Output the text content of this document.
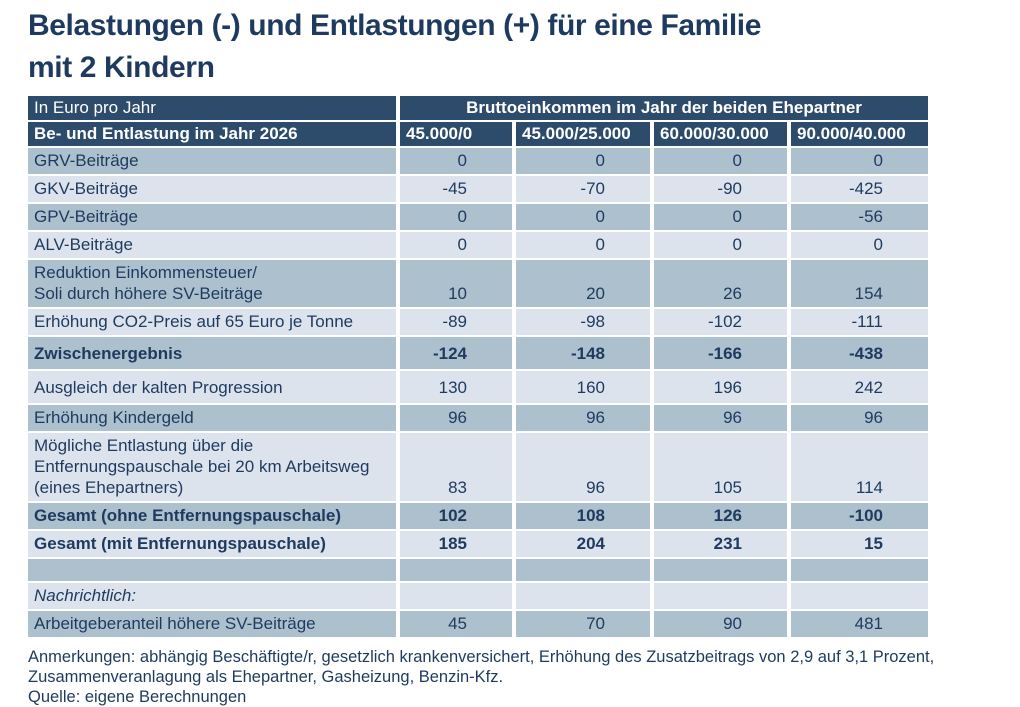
Belastungen (-) und Entlastungen (+) für eine Familie
mit 2 Kindern
In Euro pro Jahr	Bruttoeinkommen im Jahr der beiden Ehepartner			
Be- und Entlastung im Jahr 2026	45.000/0	45.000/25.000	60.000/30.000	90.000/40.000
GRV-Beiträge	0	0	0	0
GKV-Beiträge	-45	-70	-90	-425
GPV-Beiträge	0	0	0	-56
ALV-Beiträge	0	0	0	0
Reduktion Einkommensteuer/
Soli durch höhere SV-Beiträge	10	20	26	154
Erhöhung CO2-Preis auf 65 Euro je Tonne	-89	-98	-102	-111
Zwischenergebnis	-124	-148	-166	-438
Ausgleich der kalten Progression	130	160	196	242
Erhöhung Kindergeld	96	96	96	96
Mögliche Entlastung über die
Entfernungspauschale bei 20 km Arbeitsweg
(eines Ehepartners)	83	96	105	114
Gesamt (ohne Entfernungspauschale)	102	108	126	-100
Gesamt (mit Entfernungspauschale)	185	204	231	15

Nachrichtlich:				
Arbeitgeberanteil höhere SV-Beiträge	45	70	90	481

Anmerkungen: abhängig Beschäftigte/r, gesetzlich krankenversichert, Erhöhung des Zusatzbeitrags von 2,9 auf 3,1 Prozent, Zusammenveranlagung als Ehepartner, Gasheizung, Benzin-Kfz.

Quelle: eigene Berechnungen
